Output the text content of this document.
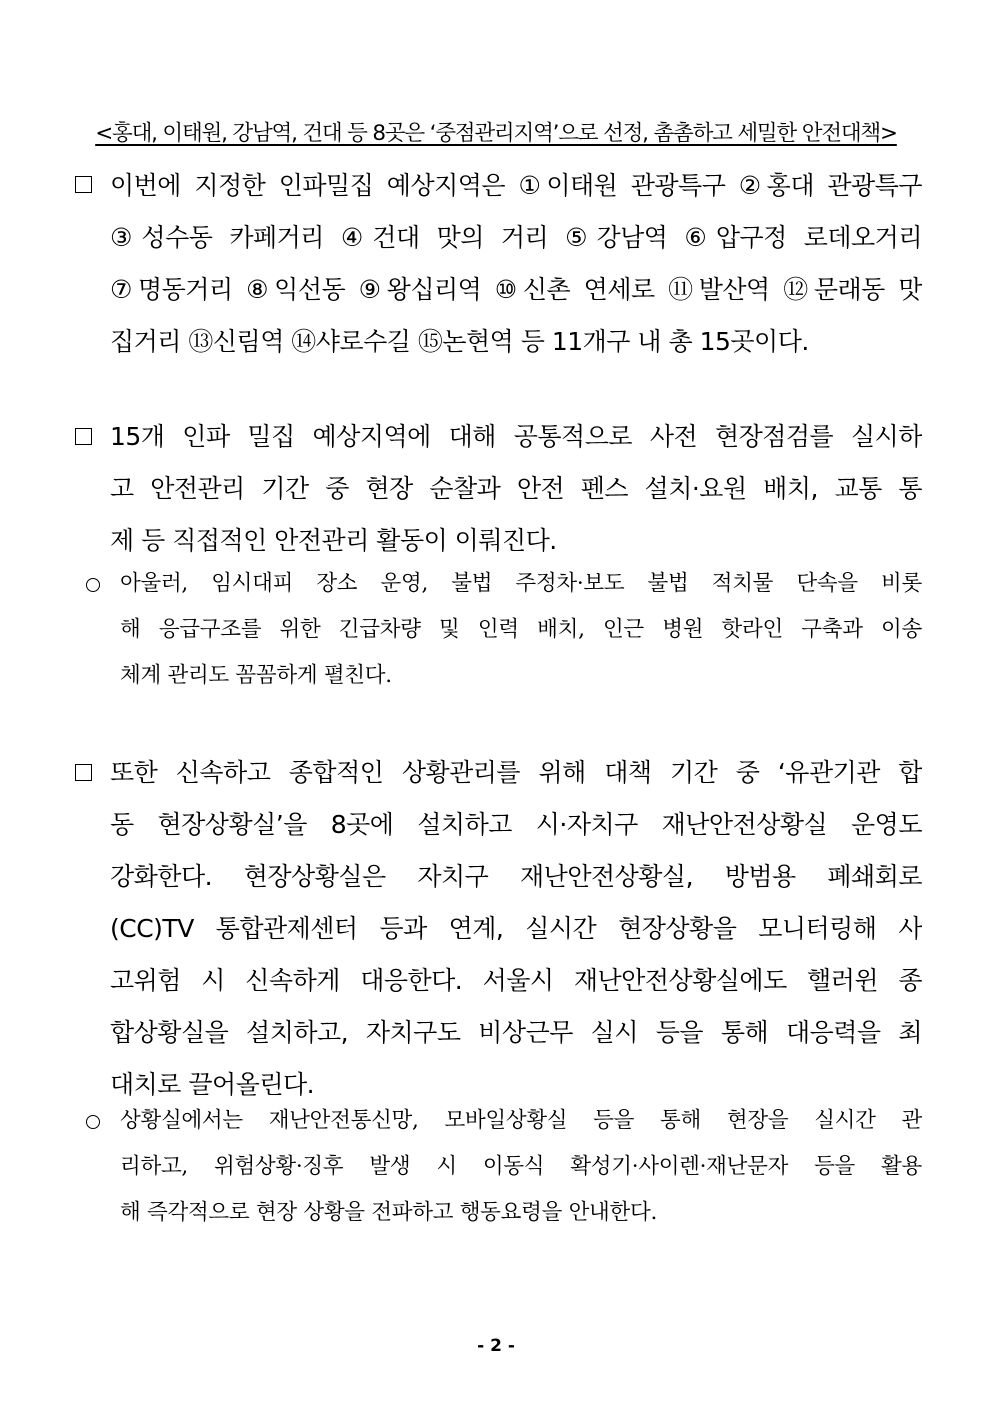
<홍대, 이태원, 강남역, 건대 등 8곳은 ‘중점관리지역’으로 선정, 촘촘하고 세밀한 안전대책>
이번에 지정한 인파밀집 예상지역은 ①이태원 관광특구 ②홍대 관광특구
③성수동 카페거리 ④건대 맛의 거리 ⑤강남역 ⑥압구정 로데오거리
⑦명동거리 ⑧익선동 ⑨왕십리역 ⑩신촌 연세로 ⑪발산역 ⑫문래동 맛
집거리 ⑬신림역 ⑭샤로수길 ⑮논현역 등 11개구 내 총 15곳이다.
15개 인파 밀집 예상지역에 대해 공통적으로 사전 현장점검를 실시하
고 안전관리 기간 중 현장 순찰과 안전 펜스 설치·요원 배치, 교통 통
제 등 직접적인 안전관리 활동이 이뤄진다.
아울러, 임시대피 장소 운영, 불법 주정차·보도 불법 적치물 단속을 비롯
해 응급구조를 위한 긴급차량 및 인력 배치, 인근 병원 핫라인 구축과 이송
체계 관리도 꼼꼼하게 펼친다.
또한 신속하고 종합적인 상황관리를 위해 대책 기간 중 ‘유관기관 합
동 현장상황실’을 8곳에 설치하고 시·자치구 재난안전상황실 운영도
강화한다. 현장상황실은 자치구 재난안전상황실, 방범용 폐쇄회로
(CC)TV 통합관제센터 등과 연계, 실시간 현장상황을 모니터링해 사
고위험 시 신속하게 대응한다. 서울시 재난안전상황실에도 핼러윈 종
합상황실을 설치하고, 자치구도 비상근무 실시 등을 통해 대응력을 최
대치로 끌어올린다.
상황실에서는 재난안전통신망, 모바일상황실 등을 통해 현장을 실시간 관
리하고, 위험상황·징후 발생 시 이동식 확성기·사이렌·재난문자 등을 활용
해 즉각적으로 현장 상황을 전파하고 행동요령을 안내한다.
- 2 -
